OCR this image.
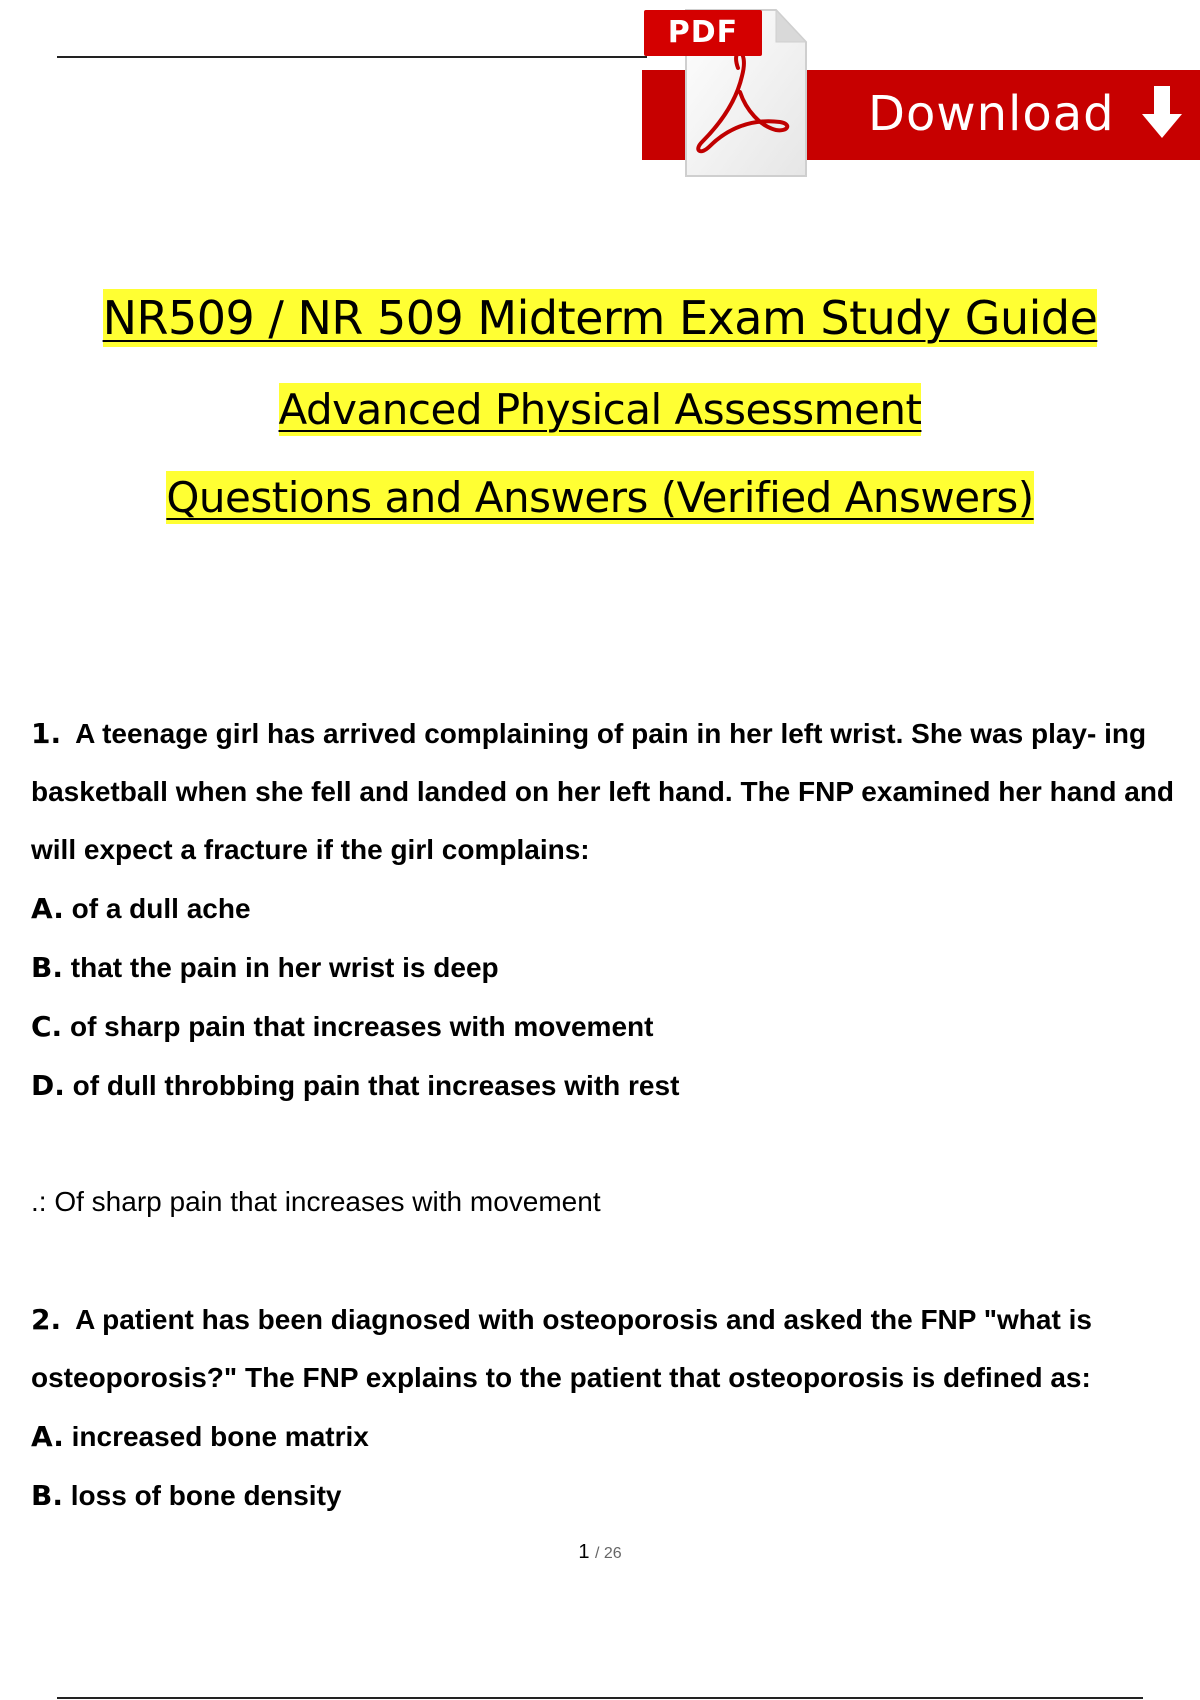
Download
PDF
NR509 / NR 509 Midterm Exam Study Guide
Advanced Physical Assessment
Questions and Answers (Verified Answers)

1. A teenage girl has arrived complaining of pain in her left wrist. She was play- ing

basketball when she fell and landed on her left hand. The FNP examined her hand and

will expect a fracture if the girl complains:

A. of a dull ache

B. that the pain in her wrist is deep

C. of sharp pain that increases with movement

D. of dull throbbing pain that increases with rest

.: Of sharp pain that increases with movement

2. A patient has been diagnosed with osteoporosis and asked the FNP "what is

osteoporosis?" The FNP explains to the patient that osteoporosis is defined as:

A. increased bone matrix

B. loss of bone density

1 / 26
